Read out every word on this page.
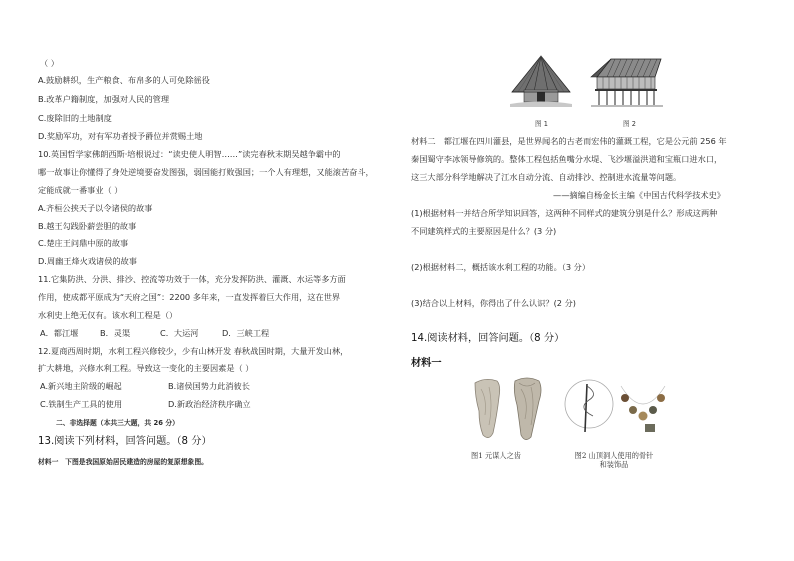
（ ）
A.鼓励耕织，生产粮食、布帛多的人可免除徭役
B.改革户籍制度，加强对人民的管理
C.废除旧的土地制度
D.奖励军功，对有军功者授予爵位并赏赐土地
10.英国哲学家佛朗西斯·培根说过：“读史使人明智……”读完春秋末期吴越争霸中的
哪一故事让你懂得了身处逆境要奋发图强，弱国能打败强国；一个人有理想，又能滚苦奋斗，
定能成就一番事业（ ）
A.齐桓公挟天子以令诸侯的故事
B.越王勾践卧薪尝胆的故事
C.楚庄王问鼎中原的故事
D.周幽王烽火戏诸侯的故事
11.它集防洪、分洪、排沙、控流等功效于一体，充分发挥防洪、灌溉、水运等多方面
作用，使成都平原成为“天府之国”：2200 多年来，一直发挥着巨大作用，这在世界
水利史上绝无仅有。该水利工程是（）
A．都江堰	B．灵渠	C．大运河	D．三峡工程
12.夏商西周时期，水利工程兴修较少，少有山林开发 春秋战国时期，大量开发山林，
扩大耕地，兴修水利工程。导致这一变化的主要因素是（ ）
A.新兴地主阶级的崛起	B.诸侯国势力此消彼长
C.铁制生产工具的使用	D.新政治经济秩序确立
二、非选择题（本共三大题，共 26 分）
13.阅读下列材料，回答问题。（8 分）
材料一　下图是我国原始居民建造的房屋的复原想象图。
图 1	图 2
材料二　都江堰在四川灌县，是世界闻名的古老而宏伟的灌溉工程，它是公元前 256 年
秦国蜀守李冰领导修筑的。整体工程包括鱼嘴分水堤、飞沙堰溢洪道和宝瓶口进水口，
这三大部分科学地解决了江水自动分流、自动排沙、控制进水流量等问题。
——摘编自杨金长主编《中国古代科学技术史》
(1)根据材料一并结合所学知识回答，这两种不同样式的建筑分别是什么？形成这两种
不同建筑样式的主要原因是什么？(3 分)
(2)根据材料二，概括该水利工程的功能。（3 分）
(3)结合以上材料，你得出了什么认识？(2 分)
14.阅读材料，回答问题。（8 分）
材料一
图1 元谋人之齿	图2 山顶洞人使用的骨针
和装饰品
